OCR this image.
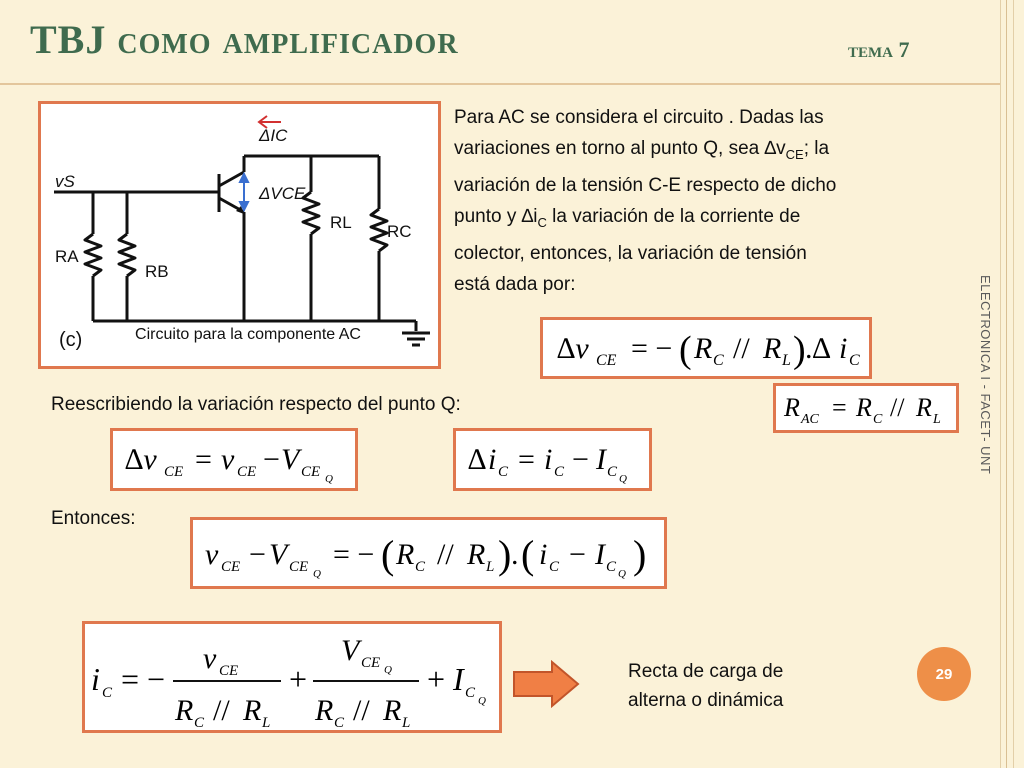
TBJ como amplificador	tema 7
ELECTRONICA I - FACET- UNT
ΔIC
ΔVCE
vS
RA
RB
RL RC
(c)	Circuito para la componente AC
Para AC se considera el circuito . Dadas las
variaciones en torno al punto Q, sea $\Delta v_{CE}$; la
variación de la tensión C-E respecto de dicho
punto y $\Delta i_C$ la variación de la corriente de
colector, entonces, la variación de tensión
está dada por:
∆v CE = − ( R C // R L ) .∆ i C
R AC = R C // R L
Reescribiendo la variación respecto del punto Q:
∆v CE = v CE − V CE Q
∆ i C = i C − I C Q
Entonces:
v CE − V CE Q
= − ( R C // R L ) . ( i C − I C Q )
i C = −
v CE
R C // R L
+
V CE Q
R C // R L
+ I C Q
Recta de carga de
alterna o dinámica
29
